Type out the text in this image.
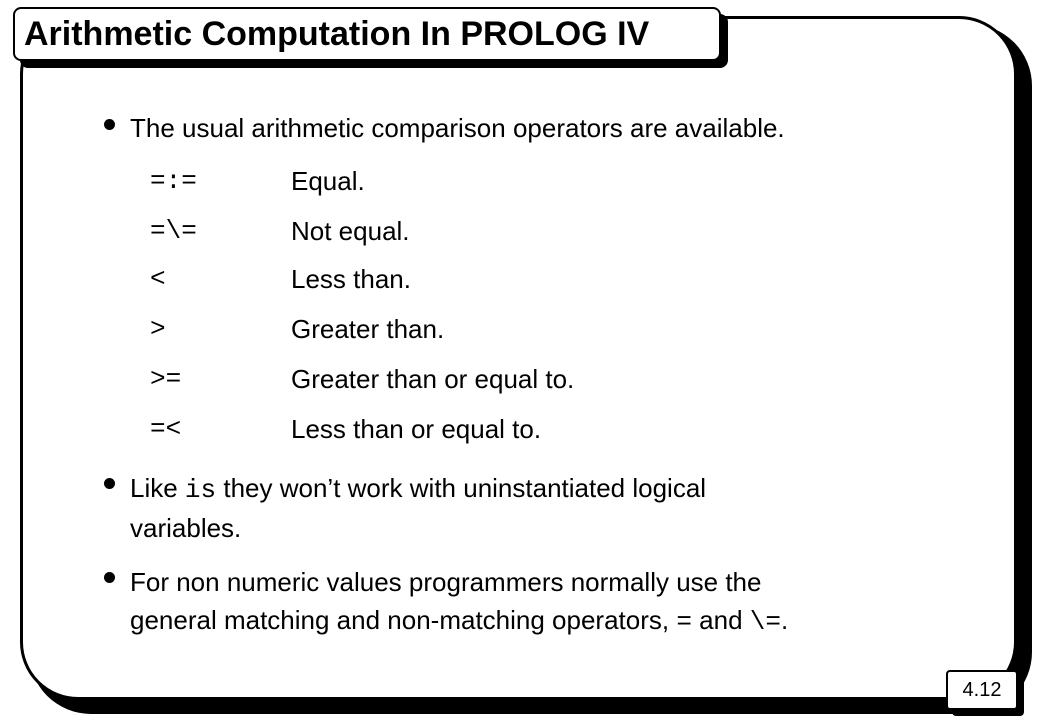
Arithmetic Computation In PROLOG IV
The usual arithmetic comparison operators are available.
=:=	Equal.
=\=	Not equal.
<	Less than.
>	Greater than.
>=	Greater than or equal to.
=<	Less than or equal to.
Like is they won’t work with uninstantiated logical
variables.
For non numeric values programmers normally use the
general matching and non-matching operators, = and \=.
4.12
